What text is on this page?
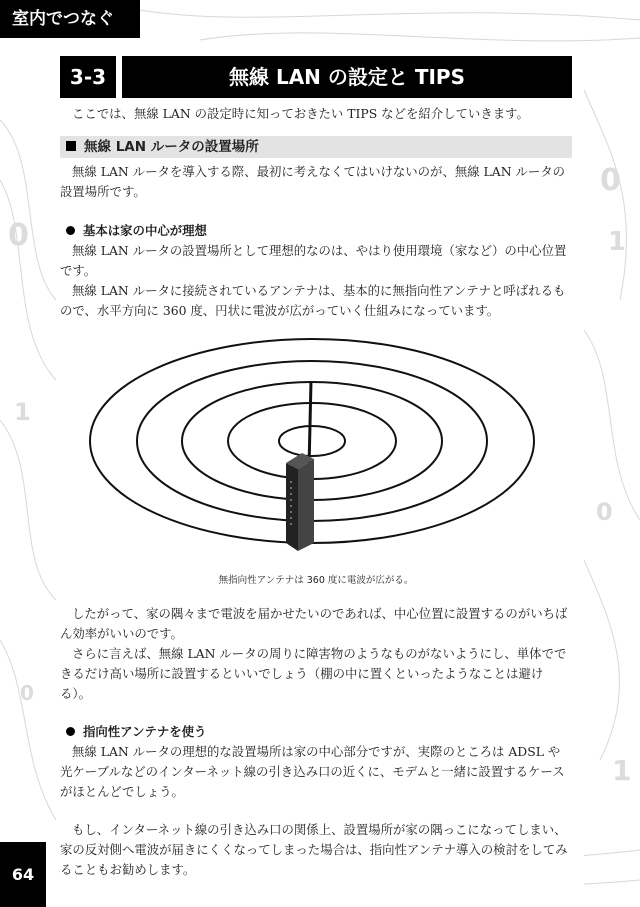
0
1
0
0
1
0
1
室内でつなぐ
3-3	無線 LAN の設定と TIPS

ここでは、無線 LAN の設定時に知っておきたい TIPS などを紹介していきます。

無線 LAN ルータの設置場所

無線 LAN ルータを導入する際、最初に考えなくてはいけないのが、無線 LAN ルータの設置場所です。

基本は家の中心が理想

無線 LAN ルータの設置場所として理想的なのは、やはり使用環境（家など）の中心位置です。

無線 LAN ルータに接続されているアンテナは、基本的に無指向性アンテナと呼ばれるもので、水平方向に 360 度、円状に電波が広がっていく仕組みになっています。

無指向性アンテナは 360 度に電波が広がる。

したがって、家の隅々まで電波を届かせたいのであれば、中心位置に設置するのがいちばん効率がいいのです。

さらに言えば、無線 LAN ルータの周りに障害物のようなものがないようにし、単体でできるだけ高い場所に設置するといいでしょう（棚の中に置くといったようなことは避ける）。

指向性アンテナを使う

無線 LAN ルータの理想的な設置場所は家の中心部分ですが、実際のところは ADSL や光ケーブルなどのインターネット線の引き込み口の近くに、モデムと一緒に設置するケースがほとんどでしょう。

もし、インターネット線の引き込み口の関係上、設置場所が家の隅っこになってしまい、家の反対側へ電波が届きにくくなってしまった場合は、指向性アンテナ導入の検討をしてみることもお勧めします。

64
